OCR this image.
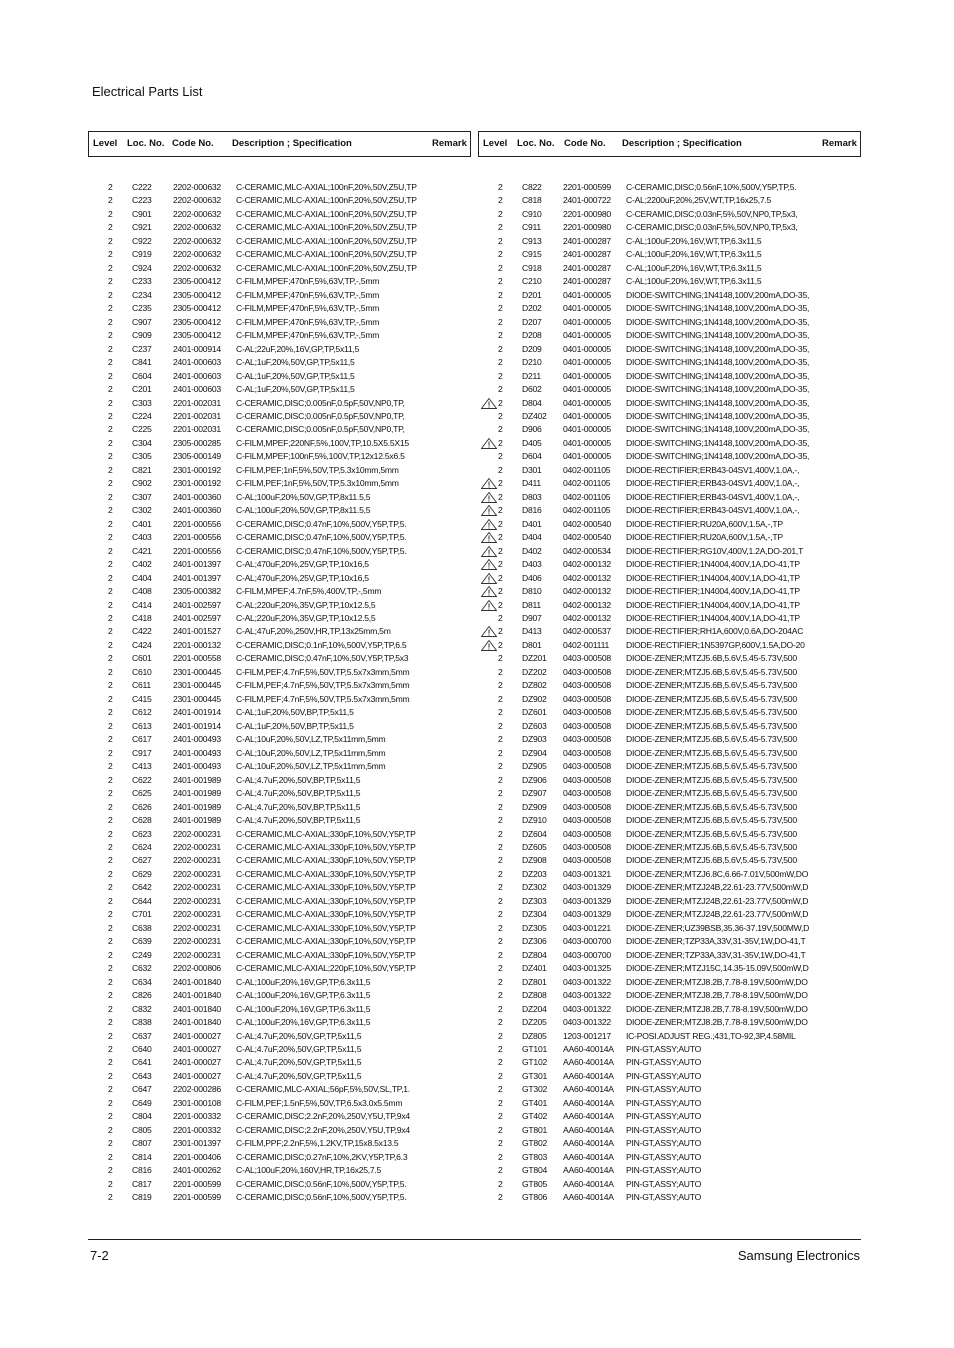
Electrical Parts List
Level Loc. No. Code No. Description ; Specification	Remark Level Loc. No. Code No. Description ; Specification	Remark
2 C222 2202-000632 C-CERAMIC,MLC-AXIAL;100nF,20%,50V,Z5U,TP
2 C223 2202-000632 C-CERAMIC,MLC-AXIAL;100nF,20%,50V,Z5U,TP
2 C901 2202-000632 C-CERAMIC,MLC-AXIAL;100nF,20%,50V,Z5U,TP
2 C921 2202-000632 C-CERAMIC,MLC-AXIAL;100nF,20%,50V,Z5U,TP
2 C922 2202-000632 C-CERAMIC,MLC-AXIAL;100nF,20%,50V,Z5U,TP
2 C919 2202-000632 C-CERAMIC,MLC-AXIAL;100nF,20%,50V,Z5U,TP
2 C924 2202-000632 C-CERAMIC,MLC-AXIAL;100nF,20%,50V,Z5U,TP
2 C233 2305-000412 C-FILM,MPEF;470nF,5%,63V,TP,-,5mm
2 C234 2305-000412 C-FILM,MPEF;470nF,5%,63V,TP,-,5mm
2 C235 2305-000412 C-FILM,MPEF;470nF,5%,63V,TP,-,5mm
2 C907 2305-000412 C-FILM,MPEF;470nF,5%,63V,TP,-,5mm
2 C909 2305-000412 C-FILM,MPEF;470nF,5%,63V,TP,-,5mm
2 C237 2401-000914 C-AL;22uF,20%,16V,GP,TP,5x11,5
2 C841 2401-000603 C-AL;1uF,20%,50V,GP,TP,5x11,5
2 C604 2401-000603 C-AL;1uF,20%,50V,GP,TP,5x11,5
2 C201 2401-000603 C-AL;1uF,20%,50V,GP,TP,5x11,5
2 C303 2201-002031 C-CERAMIC,DISC;0.005nF,0.5pF,50V,NP0,TP,
2 C224 2201-002031 C-CERAMIC,DISC;0.005nF,0.5pF,50V,NP0,TP,
2 C225 2201-002031 C-CERAMIC,DISC;0.005nF,0.5pF,50V,NP0,TP,
2 C304 2305-000285 C-FILM,MPEF;220NF,5%,100V,TP,10.5X5.5X15
2 C305 2305-000149 C-FILM,MPEF;100nF,5%,100V,TP,12x12.5x6.5
2 C821 2301-000192 C-FILM,PEF;1nF,5%,50V,TP,5.3x10mm,5mm
2 C902 2301-000192 C-FILM,PEF;1nF,5%,50V,TP,5.3x10mm,5mm
2 C307 2401-000360 C-AL;100uF,20%,50V,GP,TP,8x11.5,5
2 C302 2401-000360 C-AL;100uF,20%,50V,GP,TP,8x11.5,5
2 C401 2201-000556 C-CERAMIC,DISC;0.47nF,10%,500V,Y5P,TP,5.
2 C403 2201-000556 C-CERAMIC,DISC;0.47nF,10%,500V,Y5P,TP,5.
2 C421 2201-000556 C-CERAMIC,DISC;0.47nF,10%,500V,Y5P,TP,5.
2 C402 2401-001397 C-AL;470uF,20%,25V,GP,TP,10x16,5
2 C404 2401-001397 C-AL;470uF,20%,25V,GP,TP,10x16,5
2 C408 2305-000382 C-FILM,MPEF;4.7nF,5%,400V,TP,-,5mm
2 C414 2401-002597 C-AL;220uF,20%,35V,GP,TP,10x12.5,5
2 C418 2401-002597 C-AL;220uF,20%,35V,GP,TP,10x12.5,5
2 C422 2401-001527 C-AL;47uF,20%,250V,HR,TP,13x25mm,5m
2 C424 2201-000132 C-CERAMIC,DISC;0.1nF,10%,500V,Y5P,TP,6.5
2 C601 2201-000558 C-CERAMIC,DISC;0.47nF,10%,50V,Y5P,TP,5x3
2 C610 2301-000445 C-FILM,PEF;4.7nF,5%,50V,TP,5.5x7x3mm,5mm
2 C611	2301-000445 C-FILM,PEF;4.7nF,5%,50V,TP,5.5x7x3mm,5mm
2 C415 2301-000445 C-FILM,PEF;4.7nF,5%,50V,TP,5.5x7x3mm,5mm
2 C612 2401-001914 C-AL;1uF,20%,50V,BP,TP,5x11,5
2 C613 2401-001914 C-AL;1uF,20%,50V,BP,TP,5x11,5
2 C617 2401-000493 C-AL;10uF,20%,50V,LZ,TP,5x11mm,5mm
2 C917 2401-000493 C-AL;10uF,20%,50V,LZ,TP,5x11mm,5mm
2 C413 2401-000493 C-AL;10uF,20%,50V,LZ,TP,5x11mm,5mm
2 C622 2401-001989 C-AL;4.7uF,20%,50V,BP,TP,5x11,5
2 C625 2401-001989 C-AL;4.7uF,20%,50V,BP,TP,5x11,5
2 C626 2401-001989 C-AL;4.7uF,20%,50V,BP,TP,5x11,5
2 C628 2401-001989 C-AL;4.7uF,20%,50V,BP,TP,5x11,5
2 C623 2202-000231 C-CERAMIC,MLC-AXIAL;330pF,10%,50V,Y5P,TP
2 C624 2202-000231 C-CERAMIC,MLC-AXIAL;330pF,10%,50V,Y5P,TP
2 C627 2202-000231 C-CERAMIC,MLC-AXIAL;330pF,10%,50V,Y5P,TP
2 C629 2202-000231 C-CERAMIC,MLC-AXIAL;330pF,10%,50V,Y5P,TP
2 C642 2202-000231 C-CERAMIC,MLC-AXIAL;330pF,10%,50V,Y5P,TP
2 C644 2202-000231 C-CERAMIC,MLC-AXIAL;330pF,10%,50V,Y5P,TP
2 C701 2202-000231 C-CERAMIC,MLC-AXIAL;330pF,10%,50V,Y5P,TP
2 C638 2202-000231 C-CERAMIC,MLC-AXIAL;330pF,10%,50V,Y5P,TP
2 C639 2202-000231 C-CERAMIC,MLC-AXIAL;330pF,10%,50V,Y5P,TP
2 C249 2202-000231 C-CERAMIC,MLC-AXIAL;330pF,10%,50V,Y5P,TP
2 C632 2202-000806 C-CERAMIC,MLC-AXIAL;220pF,10%,50V,Y5P,TP
2 C634 2401-001840 C-AL;100uF,20%,16V,GP,TP,6.3x11,5
2 C826 2401-001840 C-AL;100uF,20%,16V,GP,TP,6.3x11,5
2 C832 2401-001840 C-AL;100uF,20%,16V,GP,TP,6.3x11,5
2 C838 2401-001840 C-AL;100uF,20%,16V,GP,TP,6.3x11,5
2 C637 2401-000027 C-AL;4.7uF,20%,50V,GP,TP,5x11,5
2 C640 2401-000027 C-AL;4.7uF,20%,50V,GP,TP,5x11,5
2 C641 2401-000027 C-AL;4.7uF,20%,50V,GP,TP,5x11,5
2 C643 2401-000027 C-AL;4.7uF,20%,50V,GP,TP,5x11,5
2 C647 2202-000286 C-CERAMIC,MLC-AXIAL;56pF,5%,50V,SL,TP,1.
2 C649 2301-000108 C-FILM,PEF;1.5nF,5%,50V,TP,6.5x3.0x5.5mm
2 C804 2201-000332 C-CERAMIC,DISC;2.2nF,20%,250V,Y5U,TP,9x4
2 C805 2201-000332 C-CERAMIC,DISC;2.2nF,20%,250V,Y5U,TP,9x4
2 C807 2301-001397 C-FILM,PPF;2.2nF,5%,1.2KV,TP,15x8.5x13.5
2 C814 2201-000406 C-CERAMIC,DISC;0.27nF,10%,2KV,Y5P,TP,6.3
2 C816 2401-000262 C-AL;100uF,20%,160V,HR,TP,16x25,7.5
2 C817 2201-000599 C-CERAMIC,DISC;0.56nF,10%,500V,Y5P,TP,5.
2 C819 2201-000599 C-CERAMIC,DISC;0.56nF,10%,500V,Y5P,TP,5.
2 C822 2201-000599 C-CERAMIC,DISC;0.56nF,10%,500V,Y5P,TP,5.
2 C818 2401-000722 C-AL;2200uF,20%,25V,WT,TP,16x25,7.5
2 C910 2201-000980 C-CERAMIC,DISC;0.03nF,5%,50V,NP0,TP,5x3,
2 C911	2201-000980 C-CERAMIC,DISC;0.03nF,5%,50V,NP0,TP,5x3,
2 C913 2401-000287 C-AL;100uF,20%,16V,WT,TP,6.3x11,5
2 C915 2401-000287 C-AL;100uF,20%,16V,WT,TP,6.3x11,5
2 C918 2401-000287 C-AL;100uF,20%,16V,WT,TP,6.3x11,5
2 C210 2401-000287 C-AL;100uF,20%,16V,WT,TP,6.3x11,5
2 D201 0401-000005 DIODE-SWITCHING;1N4148,100V,200mA,DO-35,
2 D202 0401-000005 DIODE-SWITCHING;1N4148,100V,200mA,DO-35,
2 D207 0401-000005 DIODE-SWITCHING;1N4148,100V,200mA,DO-35,
2 D208 0401-000005 DIODE-SWITCHING;1N4148,100V,200mA,DO-35,
2 D209 0401-000005 DIODE-SWITCHING;1N4148,100V,200mA,DO-35,
2 D210 0401-000005 DIODE-SWITCHING;1N4148,100V,200mA,DO-35,
2 D211	0401-000005 DIODE-SWITCHING;1N4148,100V,200mA,DO-35,
2 D602 0401-000005 DIODE-SWITCHING;1N4148,100V,200mA,DO-35,
2 D804 0401-000005 DIODE-SWITCHING;1N4148,100V,200mA,DO-35,
2 DZ402 0401-000005 DIODE-SWITCHING;1N4148,100V,200mA,DO-35,
2 D906 0401-000005 DIODE-SWITCHING;1N4148,100V,200mA,DO-35,
2 D405 0401-000005 DIODE-SWITCHING;1N4148,100V,200mA,DO-35,
2 D604 0401-000005 DIODE-SWITCHING;1N4148,100V,200mA,DO-35,
2 D301 0402-001105 DIODE-RECTIFIER;ERB43-04SV1,400V,1.0A,-,
2 D411	0402-001105 DIODE-RECTIFIER;ERB43-04SV1,400V,1.0A,-,
2 D803 0402-001105 DIODE-RECTIFIER;ERB43-04SV1,400V,1.0A,-,
2 D816 0402-001105 DIODE-RECTIFIER;ERB43-04SV1,400V,1.0A,-,
2 D401 0402-000540 DIODE-RECTIFIER;RU20A,600V,1.5A,-,TP
2 D404 0402-000540 DIODE-RECTIFIER;RU20A,600V,1.5A,-,TP
2 D402 0402-000534 DIODE-RECTIFIER;RG10V,400V,1.2A,DO-201,T
2 D403 0402-000132 DIODE-RECTIFIER;1N4004,400V,1A,DO-41,TP
2 D406 0402-000132 DIODE-RECTIFIER;1N4004,400V,1A,DO-41,TP
2 D810 0402-000132 DIODE-RECTIFIER;1N4004,400V,1A,DO-41,TP
2 D811	0402-000132 DIODE-RECTIFIER;1N4004,400V,1A,DO-41,TP
2 D907 0402-000132 DIODE-RECTIFIER;1N4004,400V,1A,DO-41,TP
2 D413 0402-000537 DIODE-RECTIFIER;RH1A,600V,0.6A,DO-204AC
2 D801 0402-001111 DIODE-RECTIFIER;1N5397GP,600V,1.5A,DO-20
2 DZ201 0403-000508 DIODE-ZENER;MTZJ5.6B,5.6V,5.45-5.73V,500
2 DZ202 0403-000508 DIODE-ZENER;MTZJ5.6B,5.6V,5.45-5.73V,500
2 DZ802 0403-000508 DIODE-ZENER;MTZJ5.6B,5.6V,5.45-5.73V,500
2 DZ902 0403-000508 DIODE-ZENER;MTZJ5.6B,5.6V,5.45-5.73V,500
2 DZ601 0403-000508 DIODE-ZENER;MTZJ5.6B,5.6V,5.45-5.73V,500
2 DZ603 0403-000508 DIODE-ZENER;MTZJ5.6B,5.6V,5.45-5.73V,500
2 DZ903 0403-000508 DIODE-ZENER;MTZJ5.6B,5.6V,5.45-5.73V,500
2 DZ904 0403-000508 DIODE-ZENER;MTZJ5.6B,5.6V,5.45-5.73V,500
2 DZ905 0403-000508 DIODE-ZENER;MTZJ5.6B,5.6V,5.45-5.73V,500
2 DZ906 0403-000508 DIODE-ZENER;MTZJ5.6B,5.6V,5.45-5.73V,500
2 DZ907 0403-000508 DIODE-ZENER;MTZJ5.6B,5.6V,5.45-5.73V,500
2 DZ909 0403-000508 DIODE-ZENER;MTZJ5.6B,5.6V,5.45-5.73V,500
2 DZ910 0403-000508 DIODE-ZENER;MTZJ5.6B,5.6V,5.45-5.73V,500
2 DZ604 0403-000508 DIODE-ZENER;MTZJ5.6B,5.6V,5.45-5.73V,500
2 DZ605 0403-000508 DIODE-ZENER;MTZJ5.6B,5.6V,5.45-5.73V,500
2 DZ908 0403-000508 DIODE-ZENER;MTZJ5.6B,5.6V,5.45-5.73V,500
2 DZ203 0403-001321 DIODE-ZENER;MTZJ6.8C,6.66-7.01V,500mW,DO
2 DZ302 0403-001329 DIODE-ZENER;MTZJ24B,22.61-23.77V,500mW,D
2 DZ303 0403-001329 DIODE-ZENER;MTZJ24B,22.61-23.77V,500mW,D
2 DZ304 0403-001329 DIODE-ZENER;MTZJ24B,22.61-23.77V,500mW,D
2 DZ305 0403-001221 DIODE-ZENER;UZ39BSB,35.36-37.19V,500MW,D
2 DZ306 0403-000700 DIODE-ZENER;TZP33A,33V,31-35V,1W,DO-41,T
2 DZ804 0403-000700 DIODE-ZENER;TZP33A,33V,31-35V,1W,DO-41,T
2 DZ401 0403-001325 DIODE-ZENER;MTZJ15C,14.35-15.09V,500mW,D
2 DZ801 0403-001322 DIODE-ZENER;MTZJ8.2B,7.78-8.19V,500mW,DO
2 DZ808 0403-001322 DIODE-ZENER;MTZJ8.2B,7.78-8.19V,500mW,DO
2 DZ204 0403-001322 DIODE-ZENER;MTZJ8.2B,7.78-8.19V,500mW,DO
2 DZ205 0403-001322 DIODE-ZENER;MTZJ8.2B,7.78-8.19V,500mW,DO
2 DZ805 1203-001217 IC-POSI.ADJUST REG.;431,TO-92,3P,4.58MIL
2 GT101 AA60-40014A PIN-GT,ASSY;AUTO
2 GT102 AA60-40014A PIN-GT,ASSY;AUTO
2 GT301 AA60-40014A PIN-GT,ASSY;AUTO
2 GT302 AA60-40014A PIN-GT,ASSY;AUTO
2 GT401 AA60-40014A PIN-GT,ASSY;AUTO
2 GT402 AA60-40014A PIN-GT,ASSY;AUTO
2 GT801 AA60-40014A PIN-GT,ASSY;AUTO
2 GT802 AA60-40014A PIN-GT,ASSY;AUTO
2 GT803 AA60-40014A PIN-GT,ASSY;AUTO
2 GT804 AA60-40014A PIN-GT,ASSY;AUTO
2 GT805 AA60-40014A PIN-GT,ASSY;AUTO
2 GT806 AA60-40014A PIN-GT,ASSY;AUTO
7-2	Samsung Electronics
